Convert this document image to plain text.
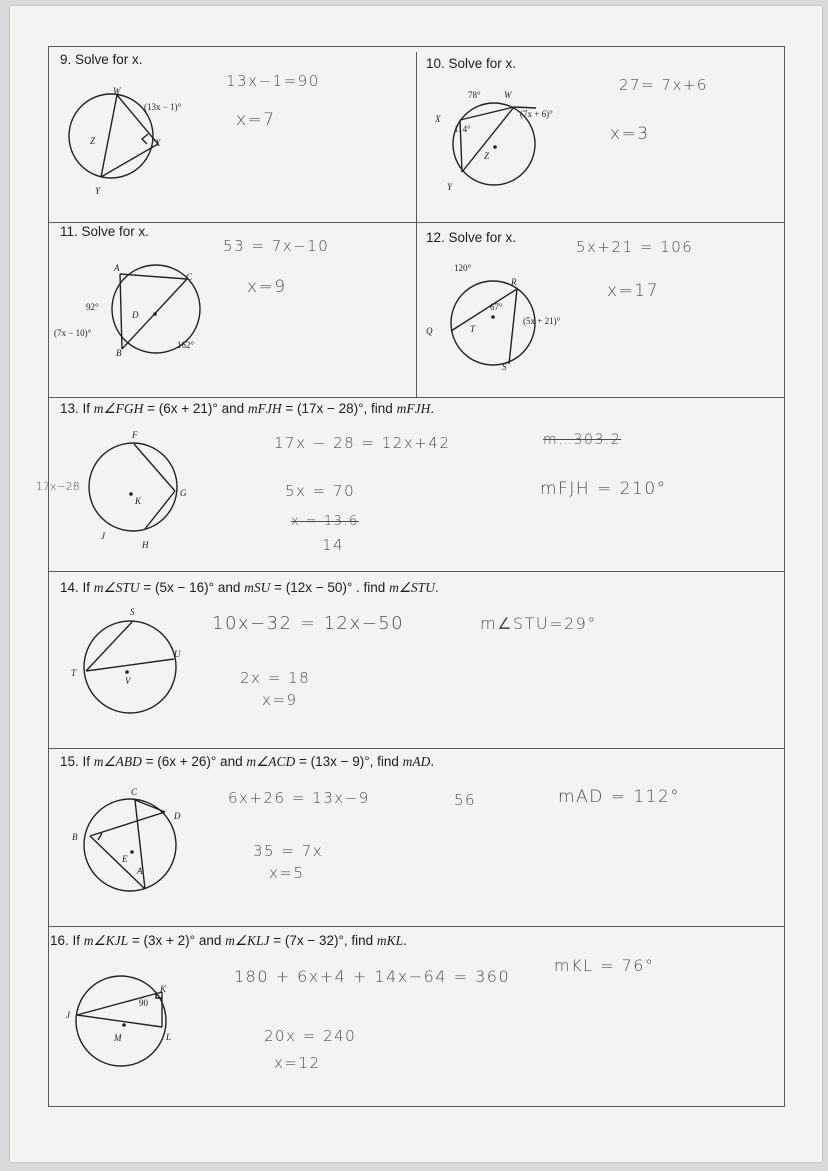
9. Solve for x.
W
Z	X
Y
(13x − 1)°
13x−1=90
x=7
10. Solve for x.
W
X
Z
Y
78°
114°
(7x + 6)°
27= 7x+6
x=3
11. Solve for x.
A
C
D
B
92°
(7x − 10)°
162°
53 = 7x−10
x=9
12. Solve for x.
R
Q	T
S
120°
67°
(5x + 21)°
5x+21 = 106
x=17
13. If m∠FGH = (6x + 21)° and mFJH = (17x − 28)°, find mFJH.
F
K
G
J
H
17x−28
17x − 28 = 12x+42
5x = 70
x = 13.6
14
m…303.2
mFJH = 210°
14. If m∠STU = (5x − 16)° and mSU = (12x − 50)° . find m∠STU.
S
U
T
V
10x−32 = 12x−50
2x = 18
x=9
m∠STU=29°
15. If m∠ABD = (6x + 26)° and m∠ACD = (13x − 9)°, find mAD.
C
D
B
E
A
6x+26 = 13x−9	56
35 = 7x
x=5
mAD = 112°
16. If m∠KJL = (3x + 2)° and m∠KLJ = (7x − 32)°, find mKL.
J
K
M	L
90
180 + 6x+4 + 14x−64 = 360
20x = 240
x=12
mKL = 76°
